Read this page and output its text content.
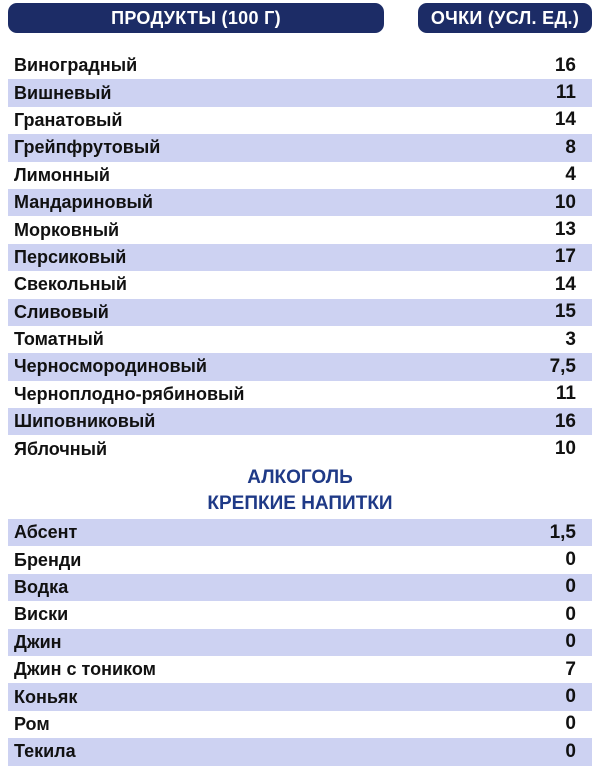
ПРОДУКТЫ (100 Г)	ОЧКИ (УСЛ. ЕД.)
Виноградный	16
Вишневый	11
Гранатовый	14
Грейпфрутовый	8
Лимонный	4
Мандариновый	10
Морковный	13
Персиковый	17
Свекольный	14
Сливовый	15
Томатный	3
Черносмородиновый	7,5
Черноплодно-рябиновый	11
Шиповниковый	16
Яблочный	10
АЛКОГОЛЬ
КРЕПКИЕ НАПИТКИ
Абсент	1,5
Бренди	0
Водка	0
Виски	0
Джин	0
Джин с тоником	7
Коньяк	0
Ром	0
Текила	0
